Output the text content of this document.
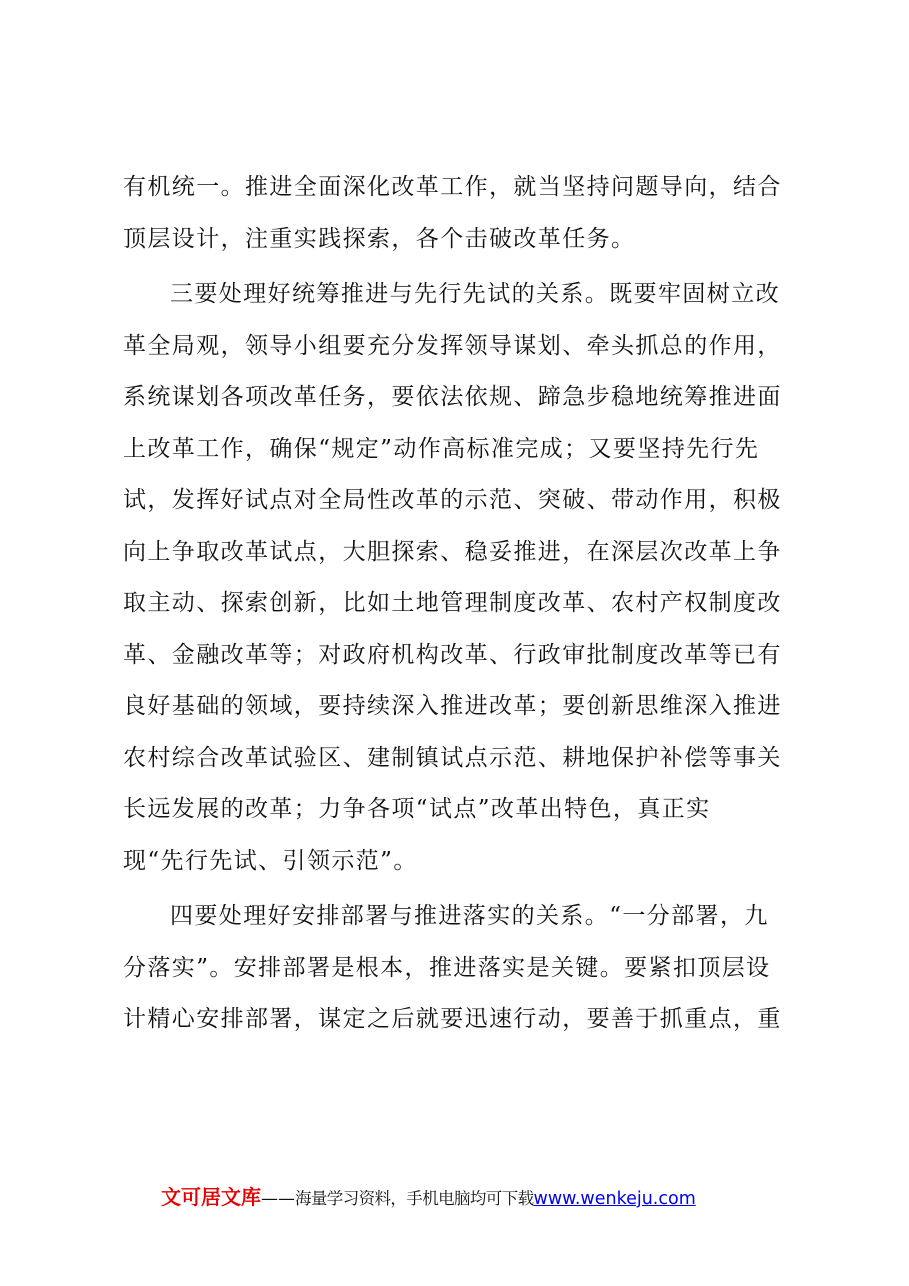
有机统一。推进全面深化改革工作，就当坚持问题导向，结合
顶层设计，注重实践探索，各个击破改革任务。
三要处理好统筹推进与先行先试的关系。既要牢固树立改
革全局观，领导小组要充分发挥领导谋划、牵头抓总的作用，
系统谋划各项改革任务，要依法依规、蹄急步稳地统筹推进面
上改革工作，确保“规定”动作高标准完成；又要坚持先行先
试，发挥好试点对全局性改革的示范、突破、带动作用，积极
向上争取改革试点，大胆探索、稳妥推进，在深层次改革上争
取主动、探索创新，比如土地管理制度改革、农村产权制度改
革、金融改革等；对政府机构改革、行政审批制度改革等已有
良好基础的领域，要持续深入推进改革；要创新思维深入推进
农村综合改革试验区、建制镇试点示范、耕地保护补偿等事关
长远发展的改革；力争各项“试点”改革出特色，真正实
现“先行先试、引领示范”。
四要处理好安排部署与推进落实的关系。“一分部署，九
分落实”。安排部署是根本，推进落实是关键。要紧扣顶层设
计精心安排部署，谋定之后就要迅速行动，要善于抓重点，重
文可居文库——海量学习资料，手机电脑均可下载www.wenkeju.com
